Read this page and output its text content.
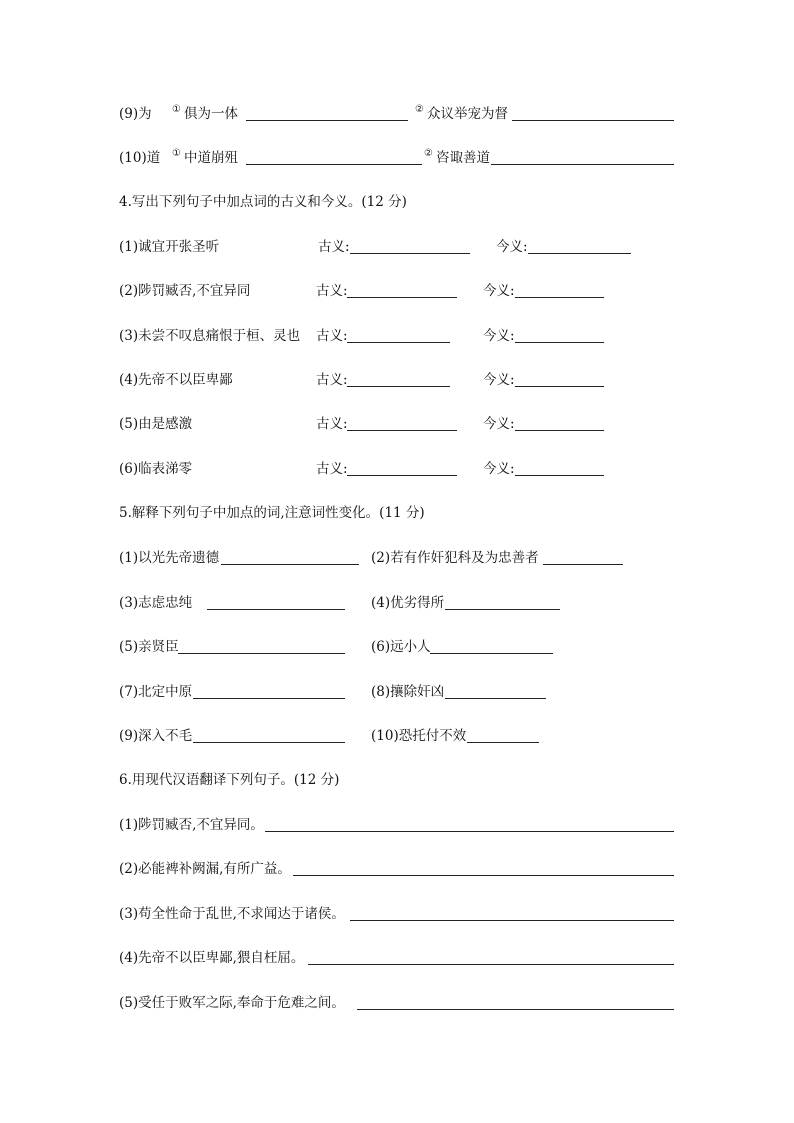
(9)为 ① 俱为一体	② 众议举宠为督
(10)道 ① 中道崩殂	② 咨诹善道
4.写出下列句子中加点词的古义和今义。(12 分)
(1)诚宜开张圣听	古义:	今义:
(2)陟罚臧否,不宜异同	古义:	今义:
(3)未尝不叹息痛恨于桓、灵也 古义:	今义:
(4)先帝不以臣卑鄙	古义:	今义:
(5)由是感激	古义:	今义:
(6)临表涕零	古义:	今义:
5.解释下列句子中加点的词,注意词性变化。(11 分)
(1)以光先帝遗德	(2)若有作奸犯科及为忠善者
(3)志虑忠纯	(4)优劣得所
(5)亲贤臣	(6)远小人
(7)北定中原	(8)攘除奸凶
(9)深入不毛	(10)恐托付不效
6.用现代汉语翻译下列句子。(12 分)
(1)陟罚臧否,不宜异同。
(2)必能裨补阙漏,有所广益。
(3)苟全性命于乱世,不求闻达于诸侯。
(4)先帝不以臣卑鄙,猥自枉屈。
(5)受任于败军之际,奉命于危难之间。
